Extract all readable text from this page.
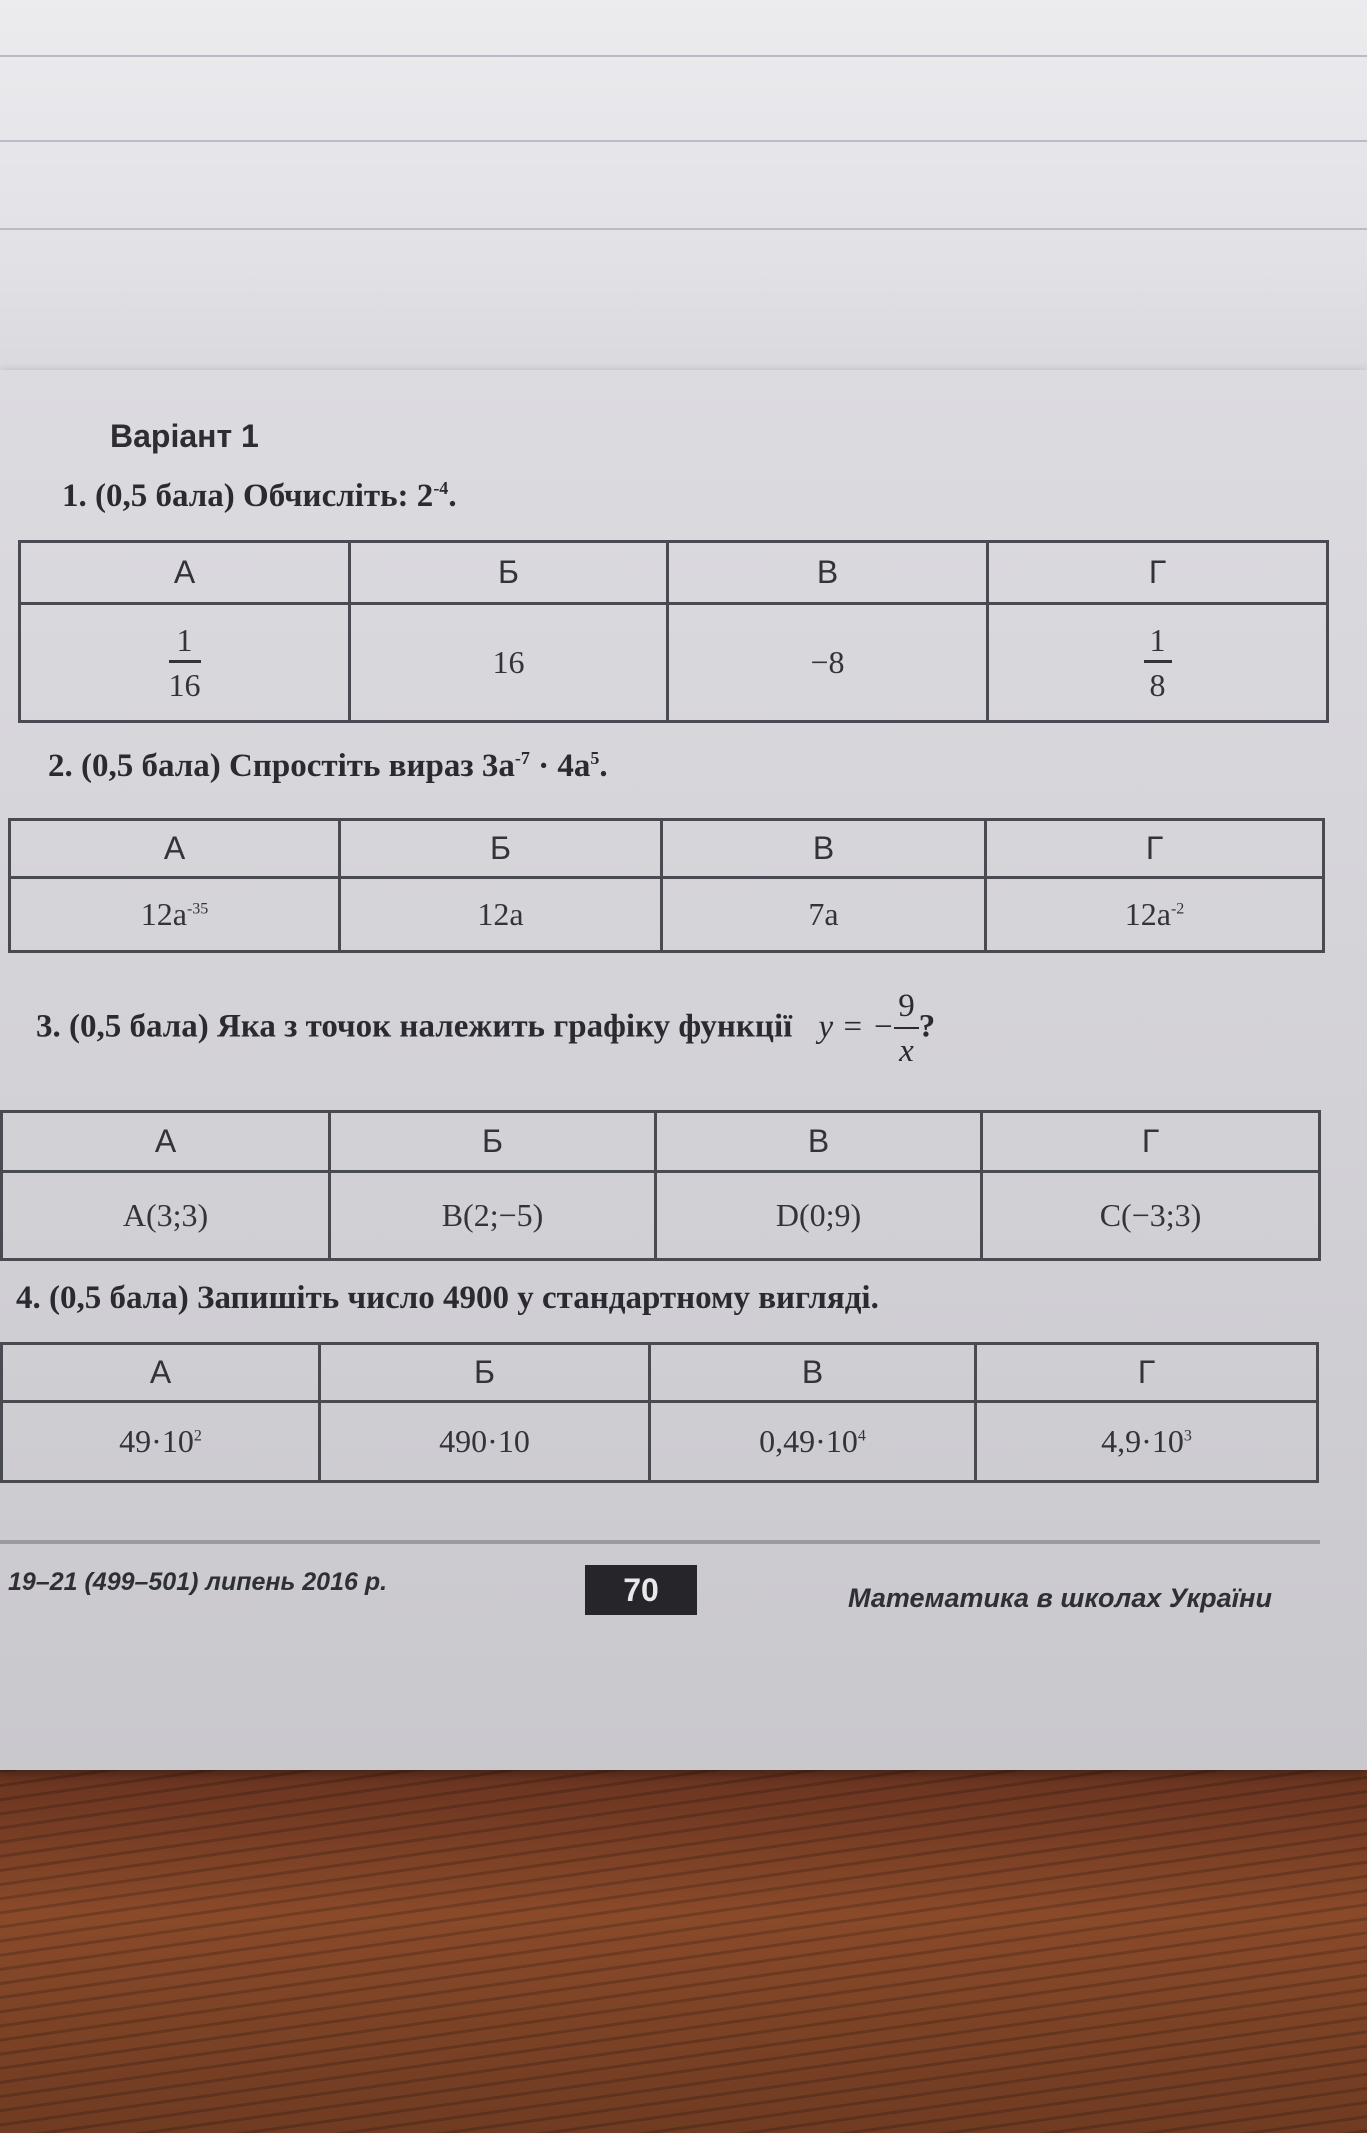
Варіант 1
1. (0,5 бала) Обчисліть: $2^{-4}$.
А	Б	В	Г

$\frac{1}{16}$	16	−8	$\frac{1}{8}$
2. (0,5 бала) Спростіть вираз $3a^{-7} \cdot 4a^5$.
А	Б	В	Г
$12a^{-35}$	12a	7a	$12a^{-2}$
3. (0,5 бала) Яка з точок належить графіку функції y = − $\frac{9}{x}$ ?
А	Б	В	Г
A(3;3)	B(2;−5)	D(0;9)	C(−3;3)
4. (0,5 бала) Запишіть число 4900 у стандартному вигляді.
А	Б	В	Г
$49\cdot 10^2$	490·10	$0,49\cdot 10^4$	$4,9\cdot 10^3$
19–21 (499–501) липень 2016 р.	70	Математика в школах України
